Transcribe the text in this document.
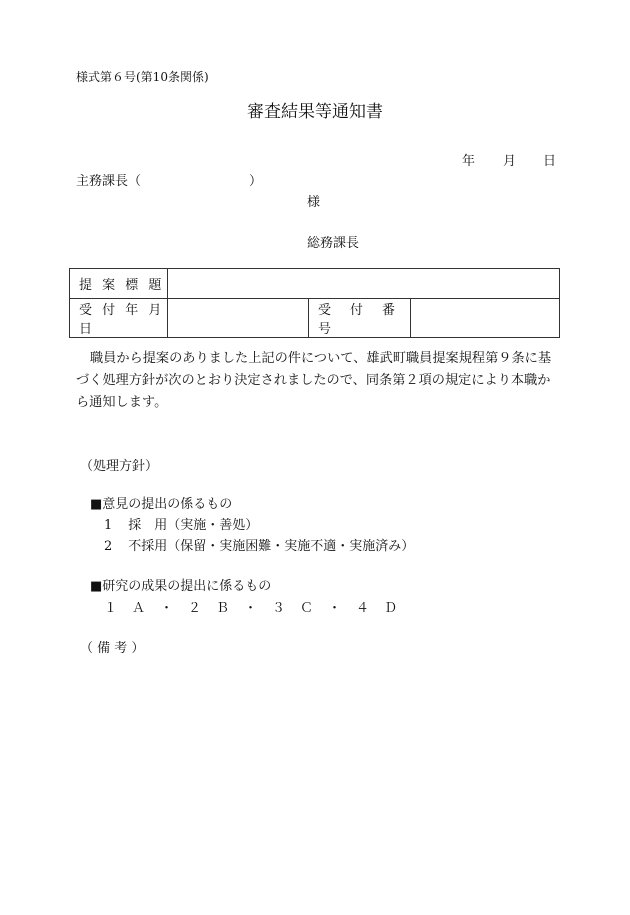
様式第６号(第10条関係)
審査結果等通知書
年 月 日
主務課長（	）
様
総務課長
提 案 標 題			
受 付 年 月 日		受　付　番　号	
職員から提案のありました上記の件について、雄武町職員提案規程第９条に基づく処理方針が次のとおり決定されましたので、同条第２項の規定により本職から通知します。
（処理方針）
■意見の提出の係るもの
1 採　用（実施・善処）
2 不採用（保留・実施困難・実施不適・実施済み）
■研究の成果の提出に係るもの
１　Ａ　・　２　Ｂ　・　３　Ｃ　・　４　Ｄ
（ 備 考 ）
